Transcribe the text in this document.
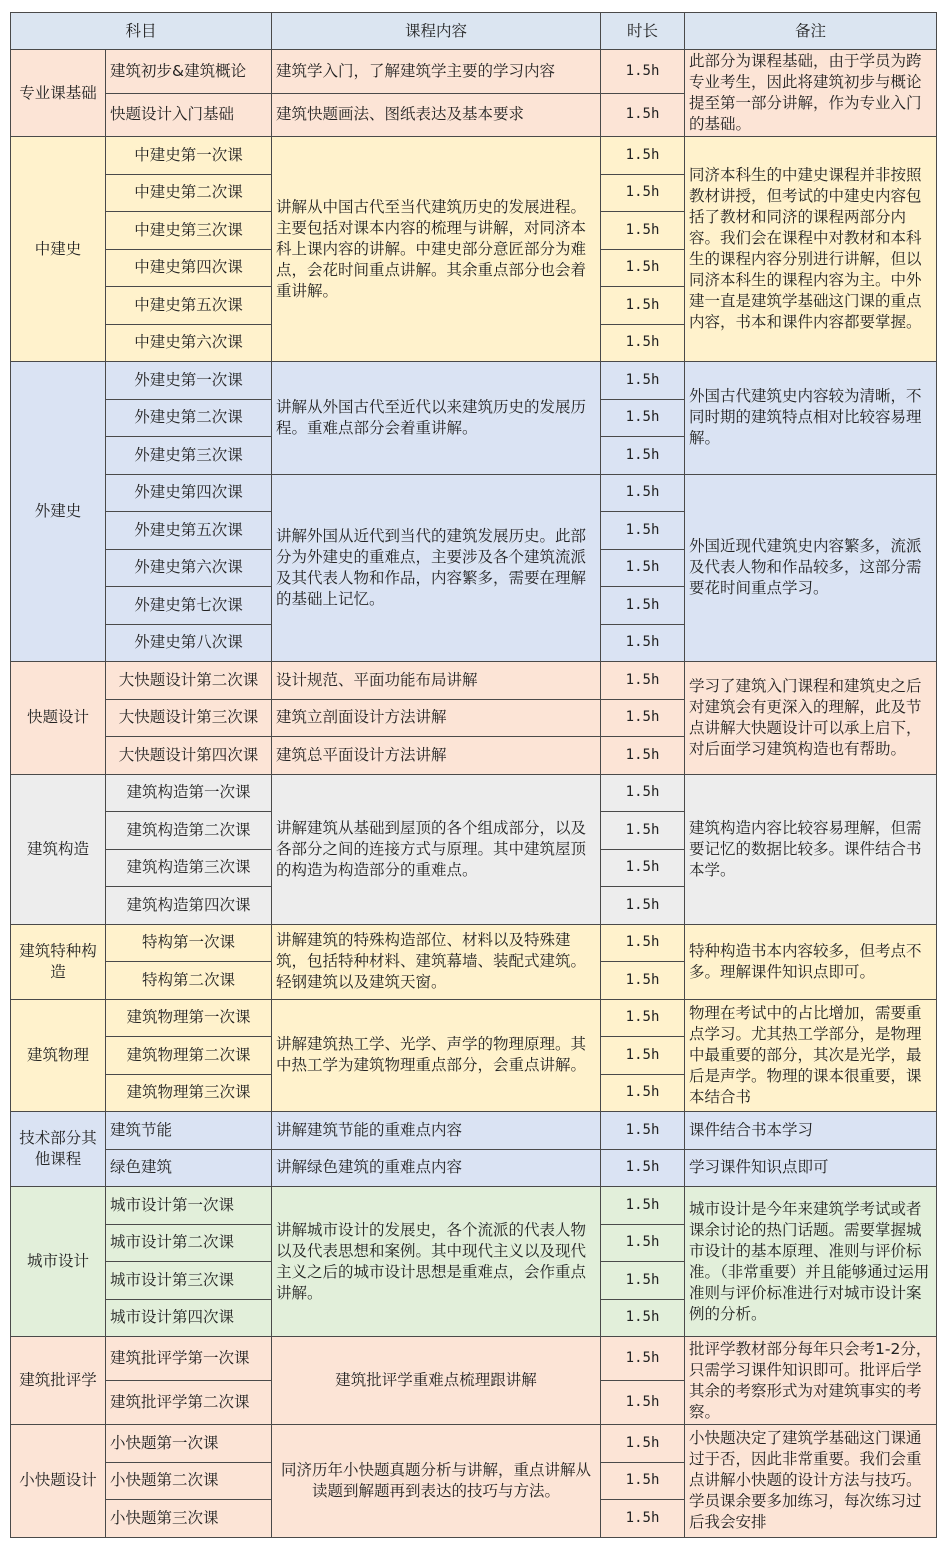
科目		课程内容	时长	备注
专业课基础	建筑初步&建筑概论	建筑学入门，了解建筑学主要的学习内容	1.5h	此部分为课程基础，由于学员为跨专业考生，因此将建筑初步与概论提至第一部分讲解，作为专业入门的基础。
	快题设计入门基础	建筑快题画法、图纸表达及基本要求	1.5h	
中建史	中建史第一次课	讲解从中国古代至当代建筑历史的发展进程。主要包括对课本内容的梳理与讲解，对同济本科上课内容的讲解。中建史部分意匠部分为难点，会花时间重点讲解。其余重点部分也会着重讲解。	1.5h	同济本科生的中建史课程并非按照教材讲授，但考试的中建史内容包括了教材和同济的课程两部分内容。我们会在课程中对教材和本科生的课程内容分别进行讲解，但以同济本科生的课程内容为主。中外建一直是建筑学基础这门课的重点内容，书本和课件内容都要掌握。
	中建史第二次课		1.5h	
	中建史第三次课		1.5h	
	中建史第四次课		1.5h	
	中建史第五次课		1.5h	
	中建史第六次课		1.5h	
外建史	外建史第一次课	讲解从外国古代至近代以来建筑历史的发展历程。重难点部分会着重讲解。	1.5h	外国古代建筑史内容较为清晰，不同时期的建筑特点相对比较容易理解。
	外建史第二次课		1.5h	
	外建史第三次课		1.5h	
	外建史第四次课	讲解外国从近代到当代的建筑发展历史。此部分为外建史的重难点，主要涉及各个建筑流派及其代表人物和作品，内容繁多，需要在理解的基础上记忆。	1.5h	外国近现代建筑史内容繁多，流派及代表人物和作品较多，这部分需要花时间重点学习。
	外建史第五次课		1.5h	
	外建史第六次课		1.5h	
	外建史第七次课		1.5h	
	外建史第八次课		1.5h	
快题设计	大快题设计第二次课	设计规范、平面功能布局讲解	1.5h	学习了建筑入门课程和建筑史之后对建筑会有更深入的理解，此及节点讲解大快题设计可以承上启下，对后面学习建筑构造也有帮助。
	大快题设计第三次课	建筑立剖面设计方法讲解	1.5h	
	大快题设计第四次课	建筑总平面设计方法讲解	1.5h	
建筑构造	建筑构造第一次课	讲解建筑从基础到屋顶的各个组成部分，以及各部分之间的连接方式与原理。其中建筑屋顶的构造为构造部分的重难点。	1.5h	建筑构造内容比较容易理解，但需要记忆的数据比较多。课件结合书本学。
	建筑构造第二次课		1.5h	
	建筑构造第三次课		1.5h	
	建筑构造第四次课		1.5h	
建筑特种构造	特构第一次课	讲解建筑的特殊构造部位、材料以及特殊建筑，包括特种材料、建筑幕墙、装配式建筑。轻钢建筑以及建筑天窗。	1.5h	特种构造书本内容较多，但考点不多。理解课件知识点即可。
	特构第二次课		1.5h	
建筑物理	建筑物理第一次课	讲解建筑热工学、光学、声学的物理原理。其中热工学为建筑物理重点部分，会重点讲解。	1.5h	物理在考试中的占比增加，需要重点学习。尤其热工学部分，是物理中最重要的部分，其次是光学，最后是声学。物理的课本很重要，课本结合书
	建筑物理第二次课		1.5h	
	建筑物理第三次课		1.5h	
技术部分其他课程	建筑节能	讲解建筑节能的重难点内容	1.5h	课件结合书本学习
	绿色建筑	讲解绿色建筑的重难点内容	1.5h	学习课件知识点即可
城市设计	城市设计第一次课	讲解城市设计的发展史，各个流派的代表人物以及代表思想和案例。其中现代主义以及现代主义之后的城市设计思想是重难点，会作重点讲解。	1.5h	城市设计是今年来建筑学考试或者课余讨论的热门话题。需要掌握城市设计的基本原理、准则与评价标准。（非常重要）并且能够通过运用准则与评价标准进行对城市设计案例的分析。
	城市设计第二次课		1.5h	
	城市设计第三次课		1.5h	
	城市设计第四次课		1.5h	
建筑批评学	建筑批评学第一次课	建筑批评学重难点梳理跟讲解	1.5h	批评学教材部分每年只会考1-2分，只需学习课件知识即可。批评后学其余的考察形式为对建筑事实的考察。
	建筑批评学第二次课		1.5h	
小快题设计	小快题第一次课	同济历年小快题真题分析与讲解，重点讲解从读题到解题再到表达的技巧与方法。	1.5h	小快题决定了建筑学基础这门课通过于否，因此非常重要。我们会重点讲解小快题的设计方法与技巧。学员课余要多加练习，每次练习过后我会安排
	小快题第二次课		1.5h	
	小快题第三次课		1.5h	
